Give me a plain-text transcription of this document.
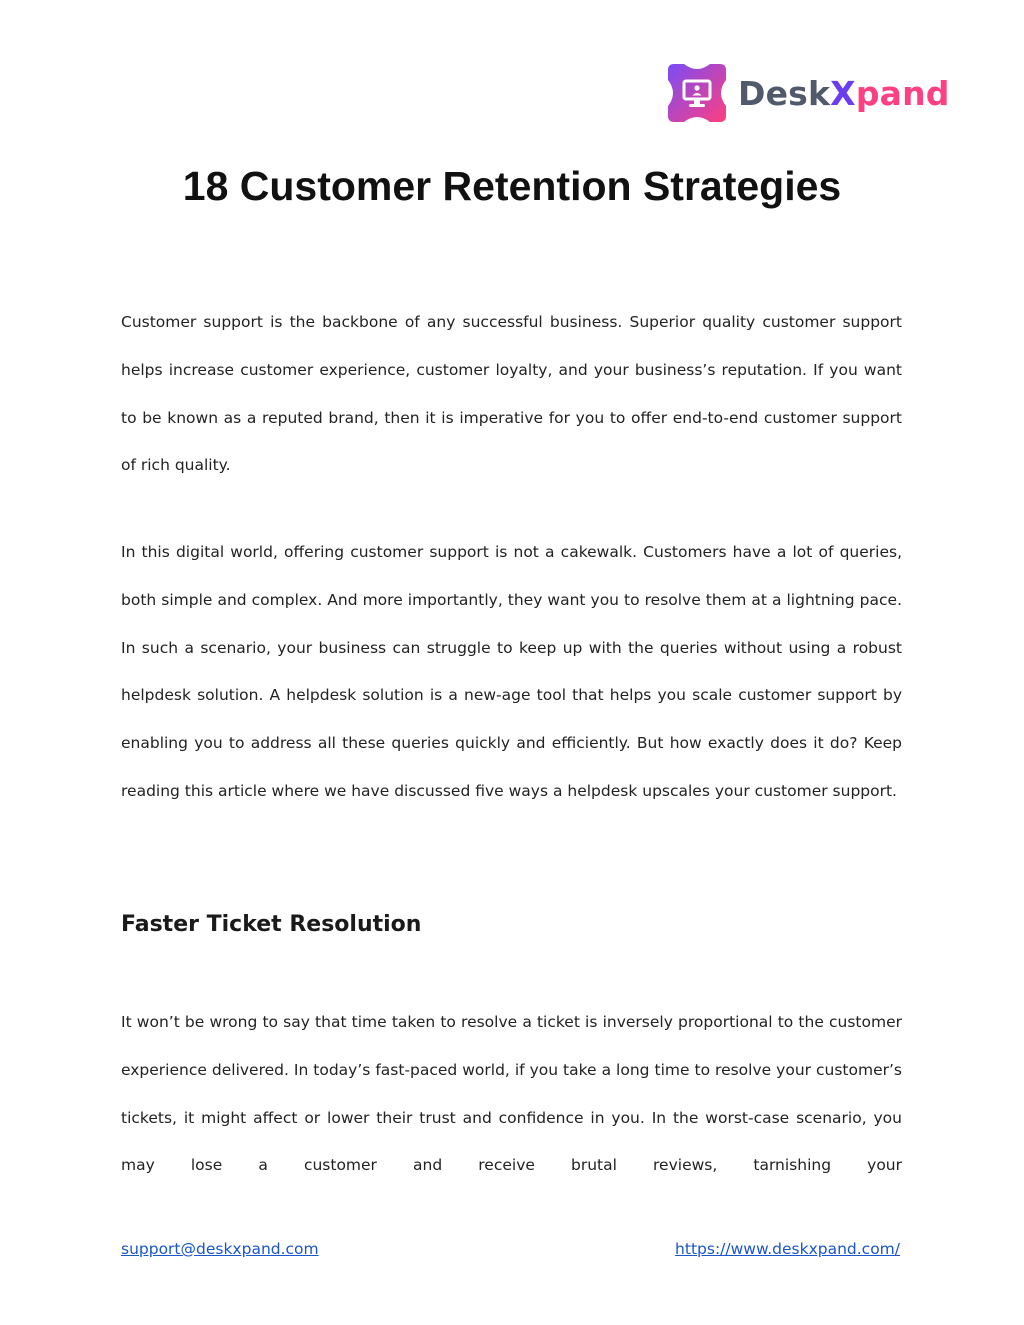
DeskXpand
18 Customer Retention Strategies

Customer support is the backbone of any successful business. Superior quality customer support helps increase customer experience, customer loyalty, and your business’s reputation. If you want to be known as a reputed brand, then it is imperative for you to offer end-to-end customer support of rich quality.

In this digital world, offering customer support is not a cakewalk. Customers have a lot of queries, both simple and complex. And more importantly, they want you to resolve them at a lightning pace. In such a scenario, your business can struggle to keep up with the queries without using a robust helpdesk solution. A helpdesk solution is a new-age tool that helps you scale customer support by enabling you to address all these queries quickly and efficiently. But how exactly does it do? Keep reading this article where we have discussed five ways a helpdesk upscales your customer support.

Faster Ticket Resolution

It won’t be wrong to say that time taken to resolve a ticket is inversely proportional to the customer experience delivered. In today’s fast-paced world, if you take a long time to resolve your customer’s tickets, it might affect or lower their trust and confidence in you. In the worst-case scenario, you may lose a customer and receive brutal reviews, tarnishing your

support@deskxpand.com	https://www.deskxpand.com/
